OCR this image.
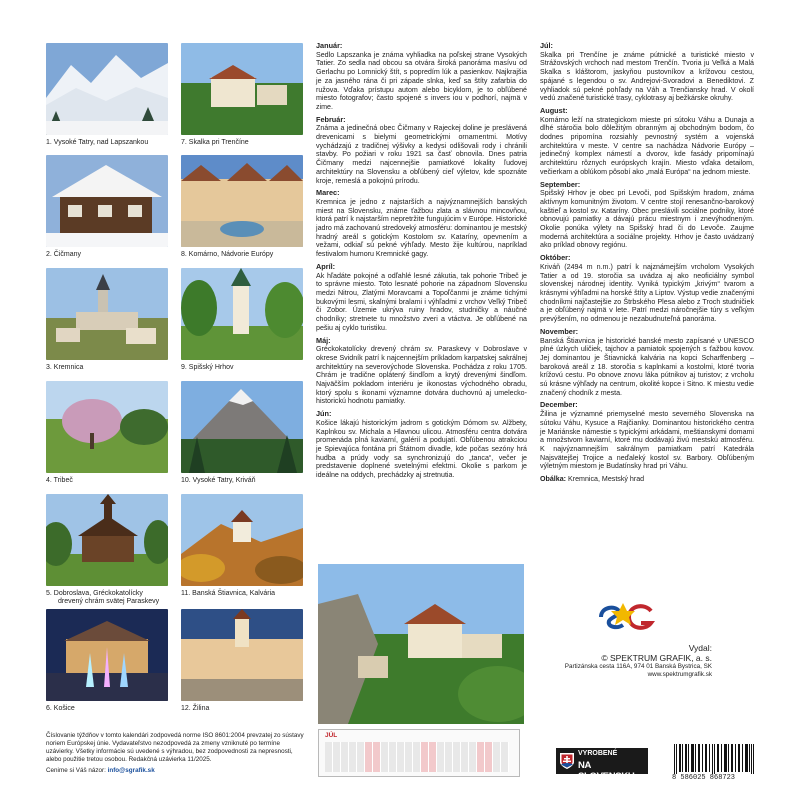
1. Vysoké Tatry, nad Lapszankou
2. Čičmany
3. Kremnica
4. Tribeč
5. Dobroslava, Gréckokatolícky
drevený chrám svätej Paraskevy
6. Košice
7. Skalka pri Trenčíne
8. Komárno, Nádvorie Európy
9. Spišský Hrhov
10. Vysoké Tatry, Kriváň
11. Banská Štiavnica, Kalvária
12. Žilina
Január:

Sedlo Lapszanka je známa vyhliadka na poľskej strane Vysokých Tatier. Zo sedla nad obcou sa otvára široká panoráma masívu od Gerlachu po Lomnický štít, s popredím lúk a pasienkov. Najkrajšia je za jasného rána či pri západe slnka, keď sa štíty zafarbia do ružova. Vďaka prístupu autom alebo bicyklom, je to obľúbené miesto fotografov; často spojené s invers iou v podhorí, najmä v zime.

Február:

Známa a jedinečná obec Čičmany v Rajeckej doline je preslávená drevenicami s bielymi geometrickými ornamentmi. Motívy vychádzajú z tradičnej výšivky a kedysi odlišovali rody i chránili stavby. Po požiari v roku 1921 sa časť obnovila. Dnes patria Čičmany medzi najcennejšie pamiatkové lokality ľudovej architektúry na Slovensku a obľúbený cieľ výletov, kde spoznáte kroje, remeslá a pokojnú prírodu.

Marec:

Kremnica je jedno z najstarších a najvýznamnejších banských miest na Slovensku, známe ťažbou zlata a slávnou mincovňou, ktorá patrí k najstarším nepretržite fungujúcim v Európe. Historické jadro má zachovanú stredoveký atmosféru: dominantou je mestský hradný areál s gotickým Kostolom sv. Kataríny, opevnením a vežami, odkiaľ sú pekné výhľady. Mesto žije kultúrou, napríklad festivalom humoru Kremnické gagy.

Apríl:

Ak hľadáte pokojné a odľahlé lesné zákutia, tak pohorie Tribeč je to správne miesto. Toto lesnaté pohorie na západnom Slovensku medzi Nitrou, Zlatými Moravcami a Topoľčanmi je známe tichými bukovými lesmi, skalnými bralami i výhľadmi z vrchov Veľký Tribeč či Zobor. Územie ukrýva ruiny hradov, studničky a náučné chodníky; stretnete tu množstvo zveri a vtáctva. Je obľúbené na pešiu aj cyklo turistiku.

Máj:

Gréckokatolícky drevený chrám sv. Paraskevy v Dobroslave v okrese Svidník patrí k najcennejším príkladom karpatskej sakrálnej architektúry na severovýchode Slovenska. Pochádza z roku 1705. Chrám je tradične oplátený šindľom a krytý drevenými šindľom. Najväčším pokladom interiéru je ikonostas východného obradu, ktorý spolu s ikonami významne dotvára duchovnú aj umelecko-historickú hodnotu pamiatky.

Jún:

Košice lákajú historickým jadrom s gotickým Dómom sv. Alžbety, Kaplnkou sv. Michala a Hlavnou ulicou. Atmosféru centra dotvára promenáda plná kaviarní, galérií a podujatí. Obľúbenou atrakciou je Spievajúca fontána pri Štátnom divadle, kde počas sezóny hrá hudba a prúdy vody sa synchronizujú do „tanca“, večer je predstavenie doplnené svetelnými efektmi. Okolie s parkom je ideálne na oddych, prechádzky aj stretnutia.

Júl:

Skalka pri Trenčíne je známe pútnické a turistické miesto v Strážovských vrchoch nad mestom Trenčín. Tvoria ju Veľká a Malá Skalka s kláštorom, jaskyňou pustovníkov a krížovou cestou, spájané s legendou o sv. Andrejovi-Svoradovi a Benediktovi. Z vyhliadok sú pekné pohľady na Váh a Trenčiansky hrad. V okolí vedú značené turistické trasy, cyklotrasy aj bežkárske okruhy.

August:

Komárno leží na strategickom mieste pri sútoku Váhu a Dunaja a dlhé stáročia bolo dôležitým obranným aj obchodným bodom, čo dodnes pripomína rozsiahly pevnostný systém a vojenská architektúra v meste. V centre sa nachádza Nádvorie Európy – jedinečný komplex námestí a dvorov, kde fasády pripomínajú architektúru rôznych európskych krajín. Miesto vďaka detailom, večierkam a oblúkom pôsobí ako „malá Európa“ na jednom mieste.

September:

Spišský Hrhov je obec pri Levoči, pod Spišským hradom, známa aktívnym komunitným životom. V centre stojí renesančno-barokový kaštieľ a kostol sv. Kataríny. Obec preslávili sociálne podniky, ktoré obnovujú pamiatky a dávajú prácu miestnym i znevýhodneným. Okolie ponúka výlety na Spišský hrad či do Levoče. Zaujme moderná architektúra a sociálne projekty. Hrhov je často uvádzaný ako príklad obnovy regiónu.

Október:

Kriváň (2494 m n.m.) patrí k najznámejším vrcholom Vysokých Tatier a od 19. storočia sa uvádza aj ako neoficiálny symbol slovenskej národnej identity. Vyniká typickým „krivým“ tvarom a krásnymi výhľadmi na horské štíty a Liptov. Výstup vedie značenými chodníkmi najčastejšie zo Štrbského Plesa alebo z Troch studničiek a je obľúbený najmä v lete. Patrí medzi náročnejšie túry s veľkým prevýšením, no odmenou je nezabudnuteľná panoráma.

November:

Banská Štiavnica je historické banské mesto zapísané v UNESCO plné úzkych uličiek, tajchov a pamiatok spojených s ťažbou kovov. Jej dominantou je Štiavnická kalvária na kopci Scharffenberg – baroková areál z 18. storočia s kaplnkami a kostolmi, ktoré tvoria krížovú cestu. Po obnove znovu láka pútnikov aj turistov; z vrcholu sú krásne výhľady na centrum, okolité kopce i Sitno. K miestu vedie značený chodník z mesta.

December:

Žilina je významné priemyselné mesto severného Slovenska na sútoku Váhu, Kysuce a Rajčianky. Dominantou historického centra je Mariánske námestie s typickými arkádami, meštianskymi domami a množstvom kaviarní, ktoré mu dodávajú živú mestskú atmosféru. K najvýznamnejším sakrálnym pamiatkam patrí Katedrála Najsvätejšej Trojice a neďaleký kostol sv. Barbory. Obľúbeným výletným miestom je Budatínsky hrad pri Váhu.

Obálka: Kremnica, Mestský hrad

JÚL
Číslovanie týždňov v tomto kalendári zodpovedá norme ISO 8601:2004 prevzatej zo sústavy noriem Európskej únie. Vydavateľstvo nezodpovedá za zmeny vzniknuté po termíne uzávierky. Všetky informácie sú uvedené s výhradou, bez zodpovednosti za nepresnosti, alebo použitie tretou osobou. Redakčná uzávierka 11/2025.
Cenime si Váš názor: info@sgrafik.sk
SG
Vydal:
© SPEKTRUM GRAFIK, a. s.
Partizánska cesta 116A, 974 01 Banská Bystrica, SK
www.spektrumgrafik.sk
VYROBENÉ
NA SLOVENSKU	8 586025 868723
